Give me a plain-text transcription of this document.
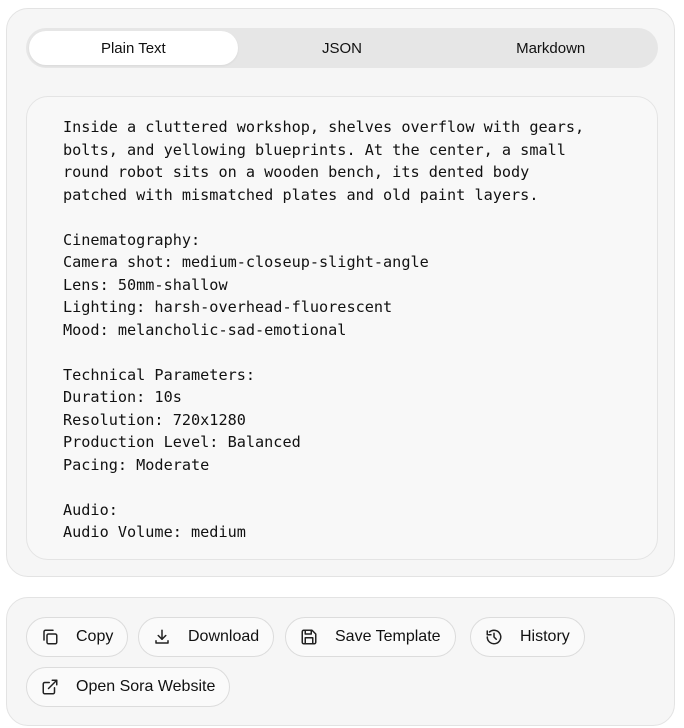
Plain Text	JSON	Markdown
Inside a cluttered workshop, shelves overflow with gears,
bolts, and yellowing blueprints. At the center, a small
round robot sits on a wooden bench, its dented body
patched with mismatched plates and old paint layers.

Cinematography:
Camera shot: medium-closeup-slight-angle
Lens: 50mm-shallow
Lighting: harsh-overhead-fluorescent
Mood: melancholic-sad-emotional

Technical Parameters:
Duration: 10s
Resolution: 720x1280
Production Level: Balanced
Pacing: Moderate

Audio:
Audio Volume: medium
Copy	Download	Save Template	History
Open Sora Website
